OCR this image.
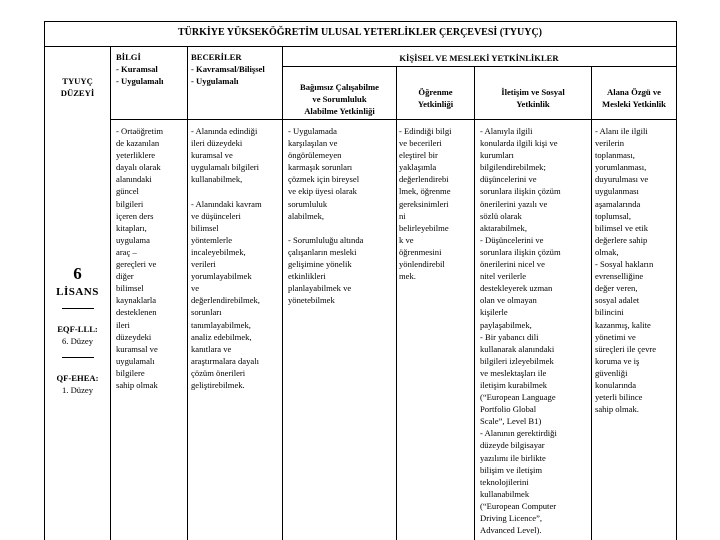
TÜRKİYE YÜKSEKÖĞRETİM ULUSAL YETERLİKLER ÇERÇEVESİ (TYUYÇ)
TYUYÇ
DÜZEYİ
BİLGİ
- Kuramsal
- Uygulamalı
BECERİLER
- Kavramsal/Bilişsel
- Uygulamalı
KİŞİSEL VE MESLEKİ YETKİNLİKLER
Bağımsız Çalışabilme
ve Sorumluluk
Alabilme Yetkinliği
Öğrenme
Yetkinliği
İletişim ve Sosyal
Yetkinlik
Alana Özgü ve
Mesleki Yetkinlik
6
LİSANS
EQF-LLL:
6. Düzey
QF-EHEA:
1. Düzey
- Ortaöğretim
de kazanılan
yeterliklere
dayalı olarak
alanındaki
güncel
bilgileri
içeren ders
kitapları,
uygulama
araç –
gereçleri ve
diğer
bilimsel
kaynaklarla
desteklenen
ileri
düzeydeki
kuramsal ve
uygulamalı
bilgilere
sahip olmak
- Alanında edindiği
ileri düzeydeki
kuramsal ve
uygulamalı bilgileri
kullanabilmek,

- Alanındaki kavram
ve düşünceleri
bilimsel
yöntemlerle
incaleyebilmek,
verileri
yorumlayabilmek
ve
değerlendirebilmek,
sorunları
tanımlayabilmek,
analiz edebilmek,
kanıtlara ve
araştırmalara dayalı
çözüm önerileri
geliştirebilmek.
- Uygulamada
karşılaşılan ve
öngörülemeyen
karmaşık sorunları
çözmek için bireysel
ve ekip üyesi olarak
sorumluluk
alabilmek,

- Sorumluluğu altında
çalışanların mesleki
gelişimine yönelik
etkinlikleri
planlayabilmek ve
yönetebilmek
- Edindiği bilgi
ve becerileri
eleştirel bir
yaklaşımla
değerlendirebi
lmek, öğrenme
gereksinimleri
ni
belirleyebilme
k ve
öğrenmesini
yönlendirebil
mek.
- Alanıyla ilgili
konularda ilgili kişi ve
kurumları
bilgilendirebilmek;
düşüncelerini ve
sorunlara ilişkin çözüm
önerilerini yazılı ve
sözlü olarak
aktarabilmek,
- Düşüncelerini ve
sorunlara ilişkin çözüm
önerilerini nicel ve
nitel verilerle
destekleyerek uzman
olan ve olmayan
kişilerle
paylaşabilmek,
- Bir yabancı dili
kullanarak alanındaki
bilgileri izleyebilmek
ve meslektaşları ile
iletişim kurabilmek
(“European Language
Portfolio Global
Scale”, Level B1)
- Alanının gerektirdiği
düzeyde bilgisayar
yazılımı ile birlikte
bilişim ve iletişim
teknolojilerini
kullanabilmek
(“European Computer
Driving Licence”,
Advanced Level).
- Alanı ile ilgili
verilerin
toplanması,
yorumlanması,
duyurulması ve
uygulanması
aşamalarında
toplumsal,
bilimsel ve etik
değerlere sahip
olmak,
- Sosyal hakların
evrenselliğine
değer veren,
sosyal adalet
bilincini
kazanmış, kalite
yönetimi ve
süreçleri ile çevre
koruma ve iş
güvenliği
konularında
yeterli bilince
sahip olmak.
